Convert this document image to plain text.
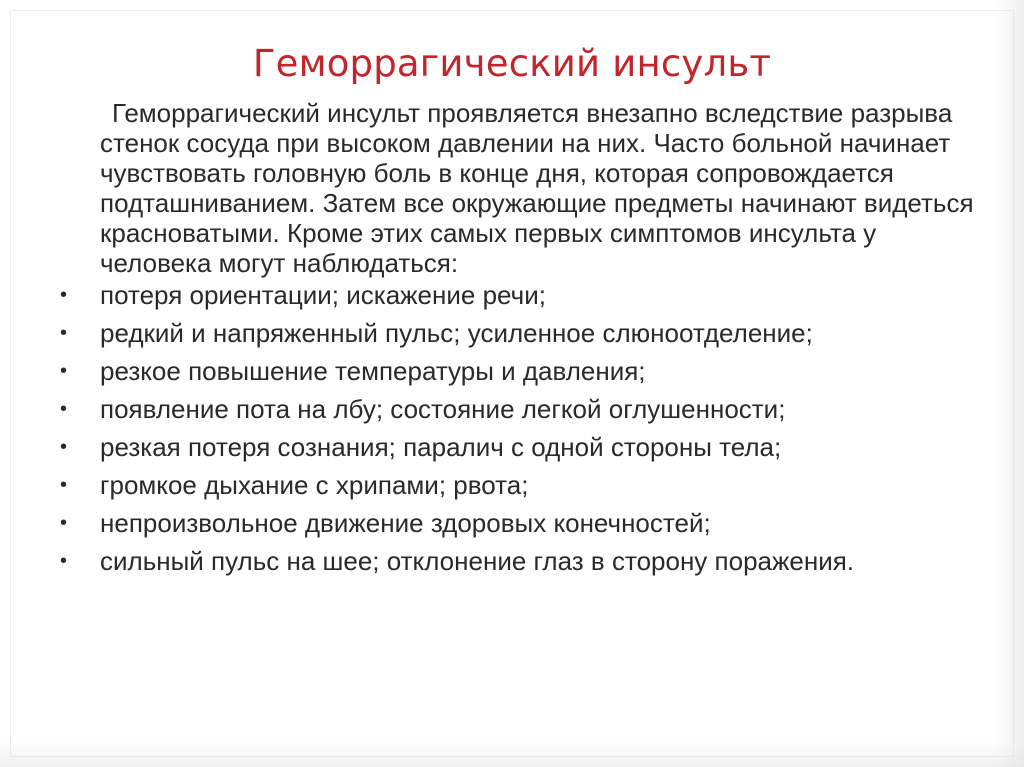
Геморрагический инсульт

Геморрагический инсульт проявляется внезапно вследствие разрыва стенок сосуда при высоком давлении на них. Часто больной начинает чувствовать головную боль в конце дня, которая сопровождается подташниванием. Затем все окружающие предметы начинают видеться красноватыми. Кроме этих самых первых симптомов инсульта у человека могут наблюдаться:

•	потеря ориентации; искажение речи;
•	редкий и напряженный пульс; усиленное слюноотделение;
•	резкое повышение температуры и давления;
•	появление пота на лбу; состояние легкой оглушенности;
•	резкая потеря сознания; паралич с одной стороны тела;
•	громкое дыхание с хрипами; рвота;
•	непроизвольное движение здоровых конечностей;
•	сильный пульс на шее; отклонение глаз в сторону поражения.
